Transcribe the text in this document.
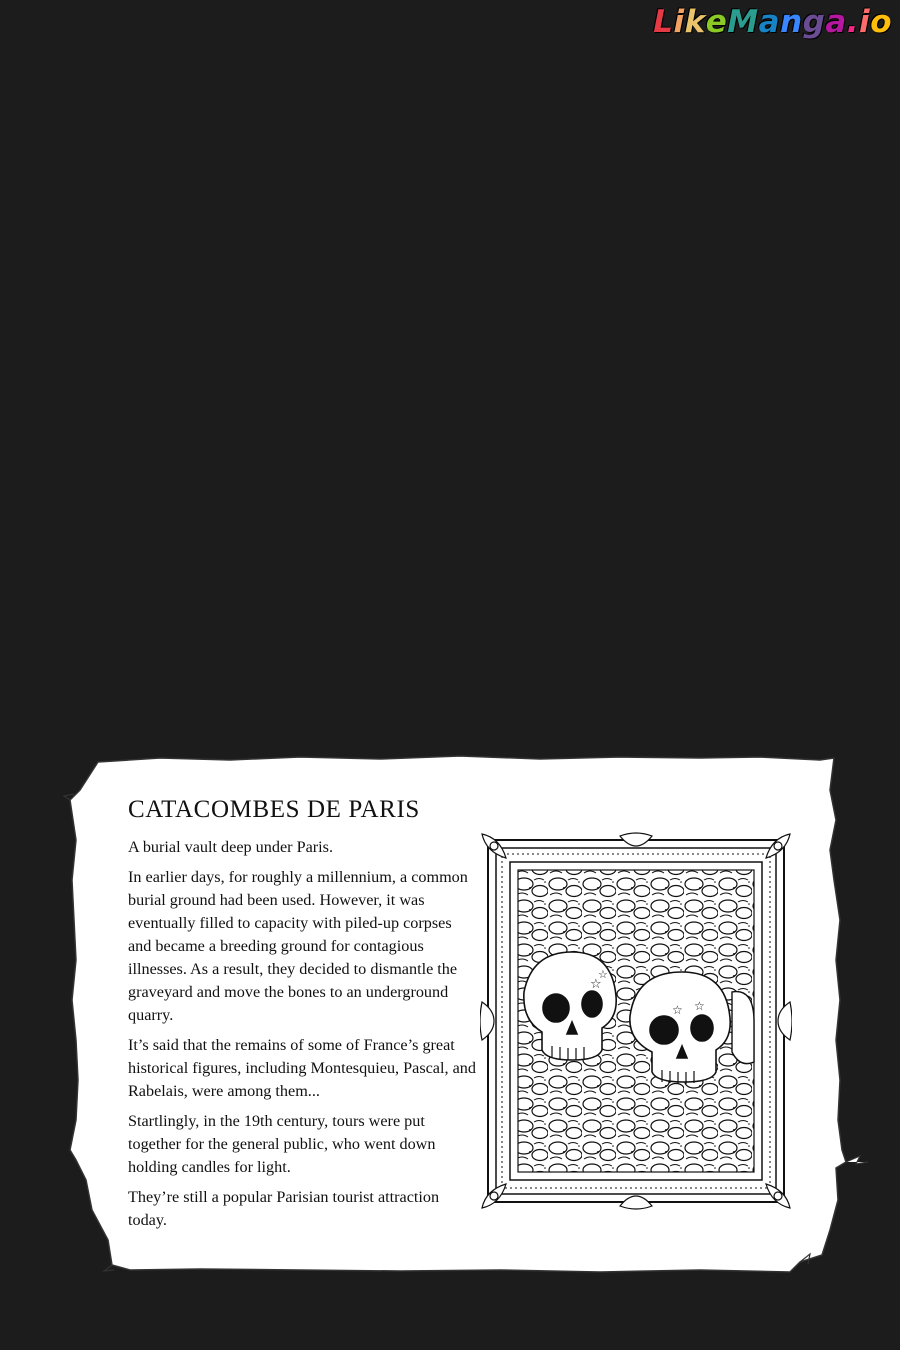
LikeManga.io
CATACOMBES DE PARIS

A burial vault deep under Paris.

In earlier days, for roughly a millennium, a common burial ground had been used. However, it was eventually filled to capacity with piled-up corpses and became a breeding ground for contagious illnesses. As a result, they decided to dismantle the graveyard and move the bones to an underground quarry.

It’s said that the remains of some of France’s great historical figures, including Montesquieu, Pascal, and Rabelais, were among them...

Startlingly, in the 19th century, tours were put together for the general public, who went down holding candles for light.

They’re still a popular Parisian tourist attraction today.

☆
☆
☆ ☆
